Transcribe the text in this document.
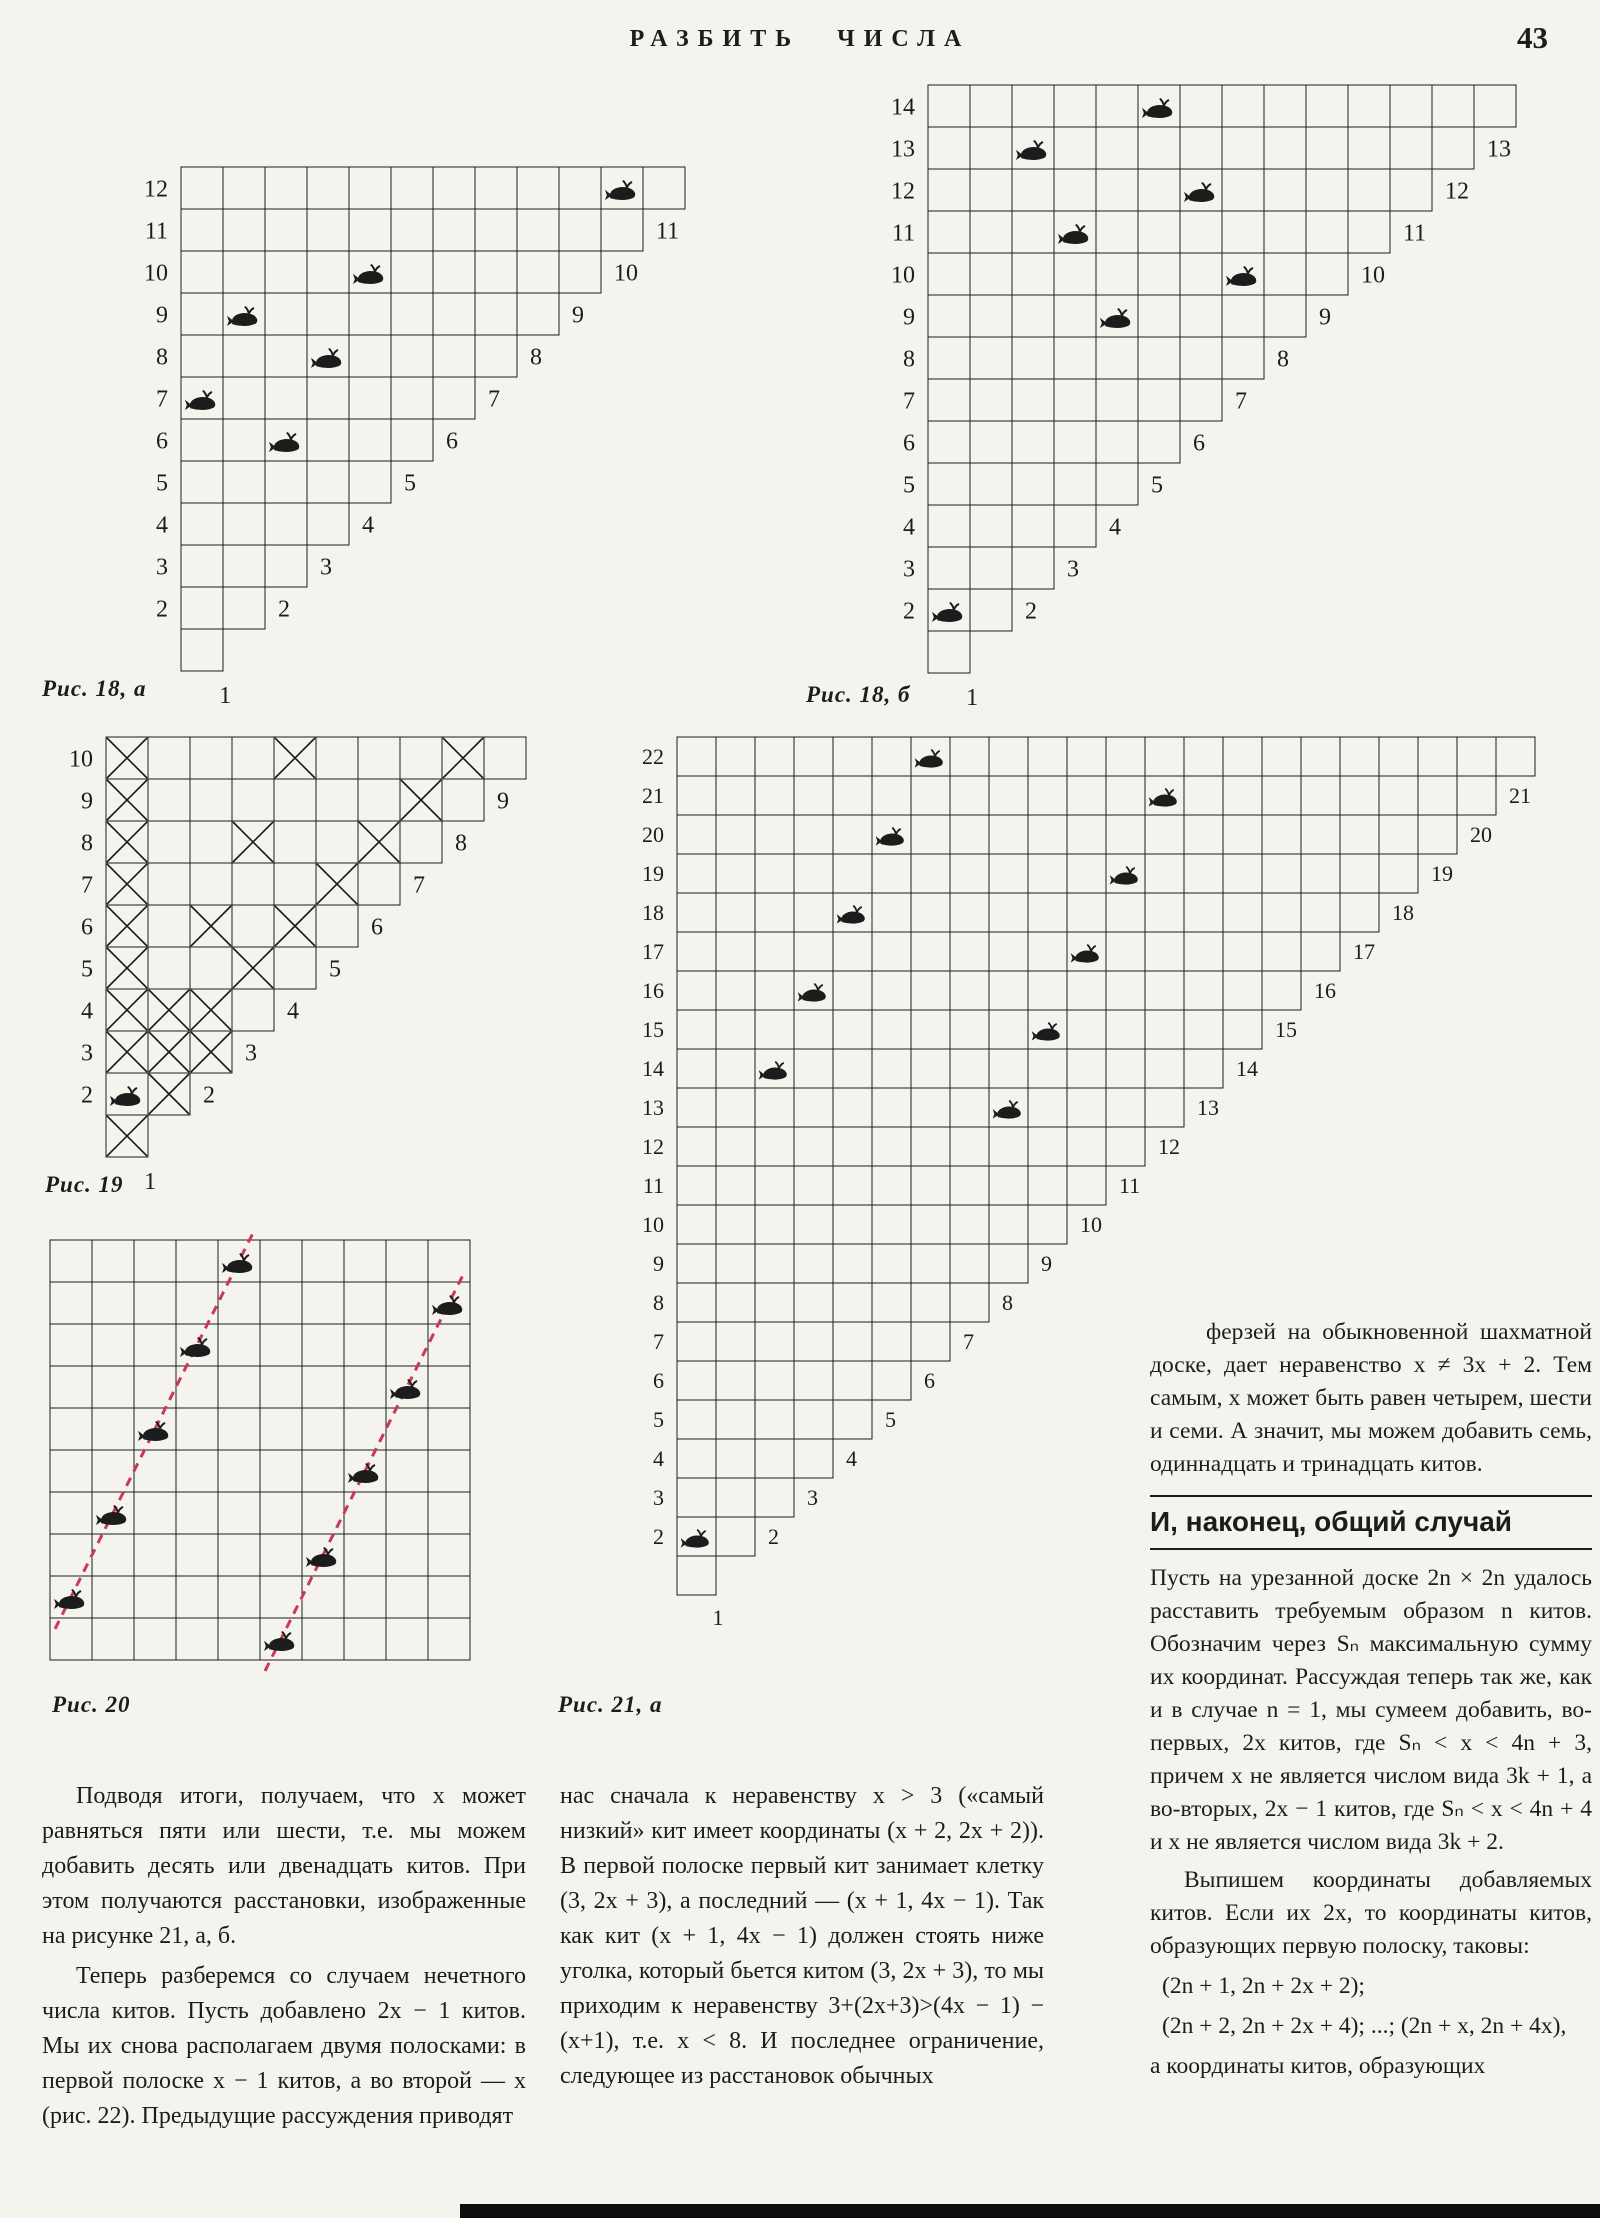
РАЗБИТЬ ЧИСЛА	43
2
3
4
5
6
7
8
9
10
11
12
2
3
4
5
6
7
8
9
10
11
1
2
3
4
5
6
7
8
9
10
11
12
13
14
2
3
4
5
6
7
8
9
10
11
12
13
1
2
3
4
5
6
7
8
9
10
2
3
4
5
6
7
8
9
1
2
3
4
5
6
7
8
9
10
11
12
13
14
15
16
17
18
19
20
21
22
2
3
4
5
6
7
8
9
10
11
12
13
14
15
16
17
18
19
20
21
1
Рис. 18, а	Рис. 18, б
Рис. 19
Рис. 20	Рис. 21, а

Подводя итоги, получаем, что x может равняться пяти или шести, т.е. мы можем добавить десять или двенадцать китов. При этом получаются расстановки, изображенные на рисунке 21, а, б.

Теперь разберемся со случаем нечетного числа китов. Пусть добавлено 2x − 1 китов. Мы их снова располагаем двумя полосками: в первой полоске x − 1 китов, а во второй — x (рис. 22). Предыдущие рассуждения приводят

нас сначала к неравенству x > 3 («самый низкий» кит имеет координаты (x + 2, 2x + 2)). В первой полоске первый кит занимает клетку (3, 2x + 3), а последний — (x + 1, 4x − 1). Так как кит (x + 1, 4x − 1) должен стоять ниже уголка, который бьется китом (3, 2x + 3), то мы приходим к неравенству 3+(2x+3)>(4x − 1) − (x+1), т.е. x < 8. И последнее ограничение, следующее из расстановок обычных

ферзей на обыкновенной шахматной доске, дает неравенство x ≠ 3x + 2. Тем самым, x может быть равен четырем, шести и семи. А значит, мы можем добавить семь, одиннадцать и тринадцать китов.

И, наконец, общий случай

Пусть на урезанной доске 2n × 2n удалось расставить требуемым образом n китов. Обозначим через Sₙ максимальную сумму их координат. Рассуждая теперь так же, как и в случае n = 1, мы сумеем добавить, во-первых, 2x китов, где Sₙ < x < 4n + 3, причем x не является числом вида 3k + 1, а во-вторых, 2x − 1 китов, где Sₙ < x < 4n + 4 и x не является числом вида 3k + 2.

Выпишем координаты добавляемых китов. Если их 2x, то координаты китов, образующих первую полоску, таковы:

(2n + 1, 2n + 2x + 2);
(2n + 2, 2n + 2x + 4); ...; (2n + x, 2n + 4x),

а координаты китов, образующих
